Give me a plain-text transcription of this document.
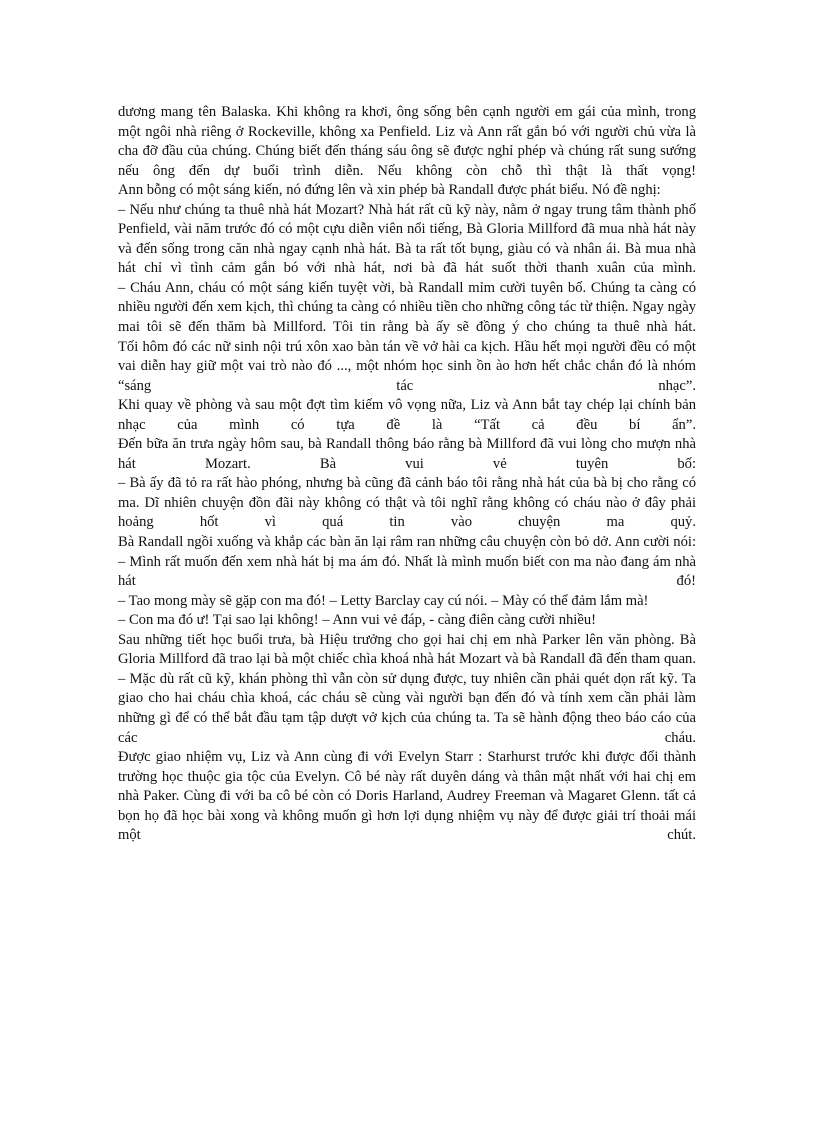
dương mang tên Balaska. Khi không ra khơi, ông sống bên cạnh người em gái của mình, trong một ngôi nhà riêng ở Rockeville, không xa Penfield. Liz và Ann rất gắn bó với người chủ vừa là cha đỡ đầu của chúng. Chúng biết đến tháng sáu ông sẽ được nghỉ phép và chúng rất sung sướng nếu ông đến dự buổi trình diễn. Nếu không còn chỗ thì thật là thất vọng!

Ann bỗng có một sáng kiến, nó đứng lên và xin phép bà Randall được phát biểu. Nó đề nghị:

– Nếu như chúng ta thuê nhà hát Mozart? Nhà hát rất cũ kỹ này, nằm ở ngay trung tâm thành phố Penfield, vài năm trước đó có một cựu diễn viên nổi tiếng, Bà Gloria Millford đã mua nhà hát này và đến sống trong căn nhà ngay cạnh nhà hát. Bà ta rất tốt bụng, giàu có và nhân ái. Bà mua nhà hát chỉ vì tình cảm gắn bó với nhà hát, nơi bà đã hát suốt thời thanh xuân của mình.

– Cháu Ann, cháu có một sáng kiến tuyệt vời, bà Randall mỉm cười tuyên bố. Chúng ta càng có nhiều người đến xem kịch, thì chúng ta càng có nhiều tiền cho những công tác từ thiện. Ngay ngày mai tôi sẽ đến thăm bà Millford. Tôi tin rằng bà ấy sẽ đồng ý cho chúng ta thuê nhà hát.

Tối hôm đó các nữ sinh nội trú xôn xao bàn tán về vở hài ca kịch. Hầu hết mọi người đều có một vai diễn hay giữ một vai trò nào đó ..., một nhóm học sinh ồn ào hơn hết chắc chắn đó là nhóm “sáng tác nhạc”.

Khi quay về phòng và sau một đợt tìm kiếm vô vọng nữa, Liz và Ann bắt tay chép lại chính bản nhạc của mình có tựa đề là “Tất cả đều bí ẩn”.

Đến bữa ăn trưa ngày hôm sau, bà Randall thông báo rằng bà Millford đã vui lòng cho mượn nhà hát Mozart. Bà vui vẻ tuyên bố:

– Bà ấy đã tỏ ra rất hào phóng, nhưng bà cũng đã cảnh báo tôi rằng nhà hát của bà bị cho rằng có ma. Dĩ nhiên chuyện đồn đãi này không có thật và tôi nghĩ rằng không có cháu nào ở đây phải hoảng hốt vì quá tin vào chuyện ma quỷ.

Bà Randall ngồi xuống và khắp các bàn ăn lại râm ran những câu chuyện còn bỏ dở. Ann cười nói:

– Mình rất muốn đến xem nhà hát bị ma ám đó. Nhất là mình muốn biết con ma nào đang ám nhà hát đó!

– Tao mong mày sẽ gặp con ma đó! – Letty Barclay cay cú nói. – Mày có thể đảm lắm mà!

– Con ma đó ư! Tại sao lại không! – Ann vui vẻ đáp, - càng điên càng cười nhiều!

Sau những tiết học buổi trưa, bà Hiệu trưởng cho gọi hai chị em nhà Parker lên văn phòng. Bà Gloria Millford đã trao lại bà một chiếc chìa khoá nhà hát Mozart và bà Randall đã đến tham quan.

– Mặc dù rất cũ kỹ, khán phòng thì vẫn còn sử dụng được, tuy nhiên cần phải quét dọn rất kỹ. Ta giao cho hai cháu chìa khoá, các cháu sẽ cùng vài người bạn đến đó và tính xem cần phải làm những gì để có thể bắt đầu tạm tập dượt vở kịch của chúng ta. Ta sẽ hành động theo báo cáo của các cháu.

Được giao nhiệm vụ, Liz và Ann cùng đi với Evelyn Starr : Starhurst trước khi được đổi thành trường học thuộc gia tộc của Evelyn. Cô bé này rất duyên dáng và thân mật nhất với hai chị em nhà Paker. Cùng đi với ba cô bé còn có Doris Harland, Audrey Freeman và Magaret Glenn. tất cả bọn họ đã học bài xong và không muốn gì hơn lợi dụng nhiệm vụ này để được giải trí thoải mái một chút.
